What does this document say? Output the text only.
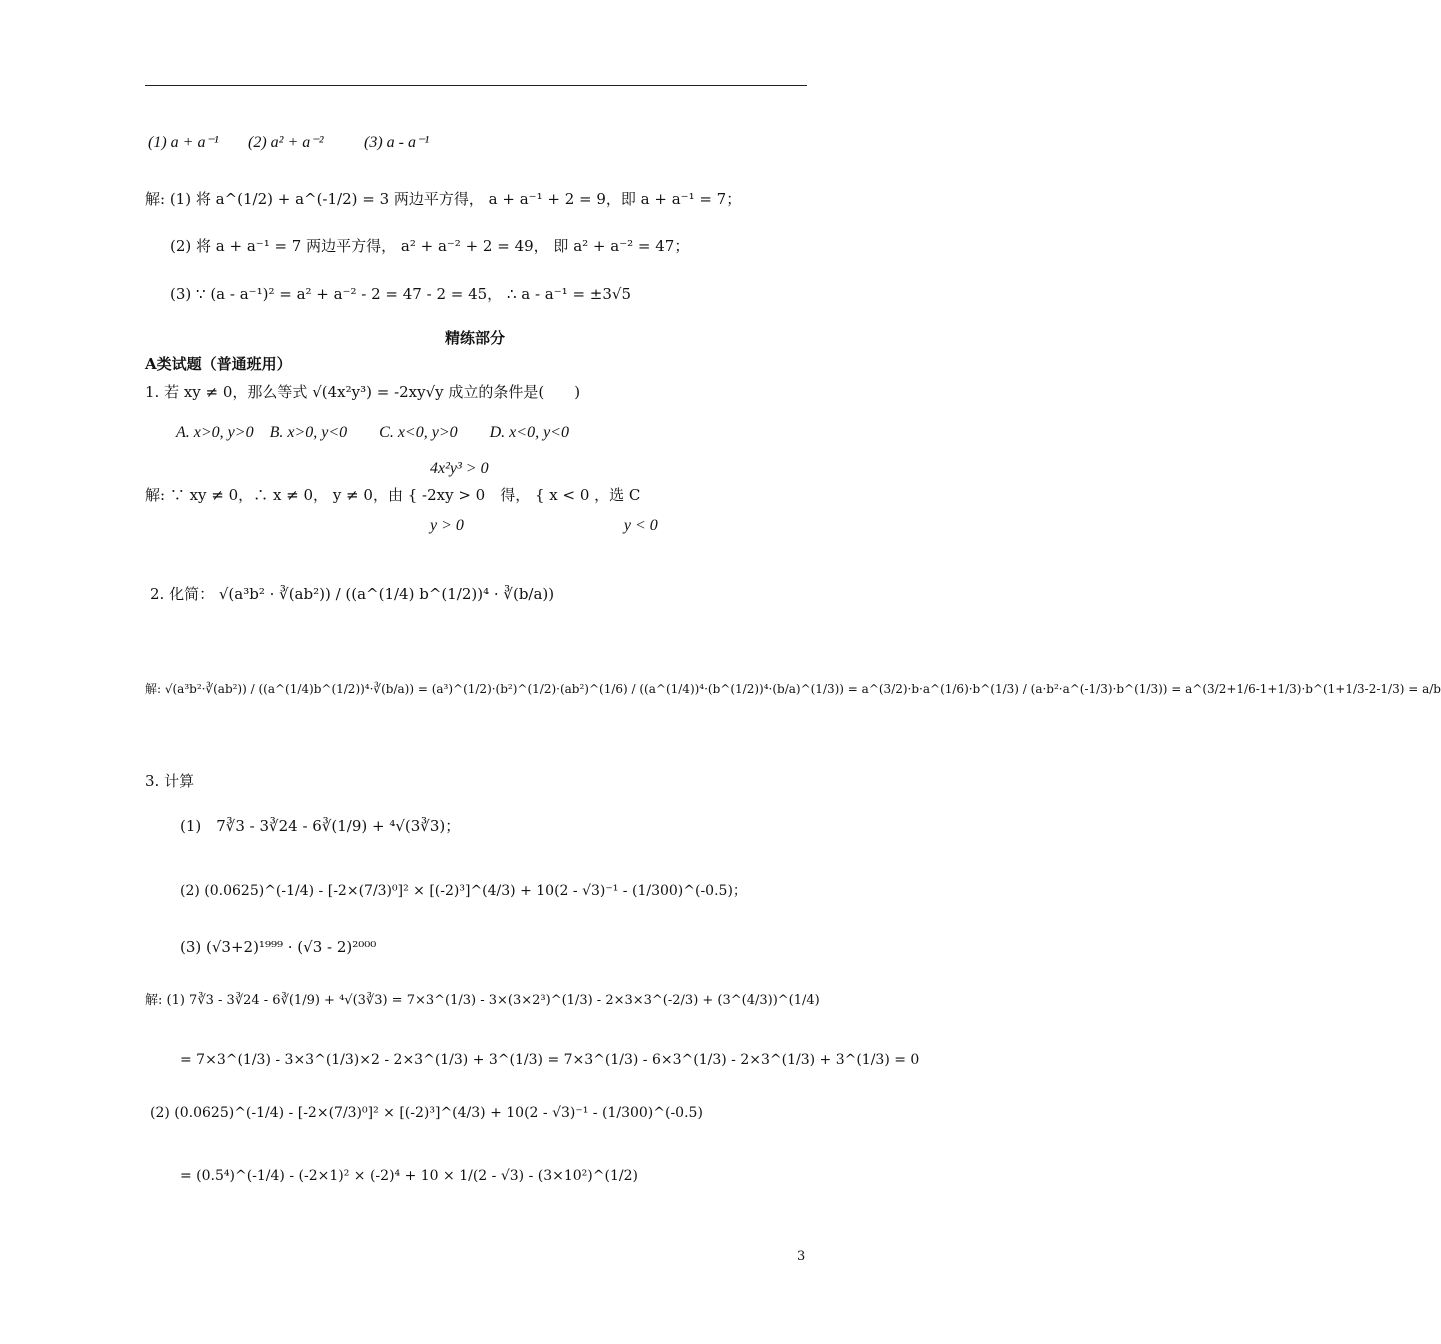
(1) a + a⁻¹ (2) a² + a⁻²	(3) a - a⁻¹
解: (1) 将 a^(1/2) + a^(-1/2) = 3 两边平方得， a + a⁻¹ + 2 = 9，即 a + a⁻¹ = 7；
(2) 将 a + a⁻¹ = 7 两边平方得， a² + a⁻² + 2 = 49， 即 a² + a⁻² = 47；
(3) ∵ (a - a⁻¹)² = a² + a⁻² - 2 = 47 - 2 = 45， ∴ a - a⁻¹ = ±3√5
精练部分
A类试题（普通班用）
1. 若 xy ≠ 0，那么等式 √(4x²y³) = -2xy√y 成立的条件是(　　)
A. x>0, y>0　B. x>0, y<0　　C. x<0, y>0　　D. x<0, y<0
4x²y³ > 0
解: ∵ xy ≠ 0，∴ x ≠ 0， y ≠ 0，由 { -2xy > 0　得， { x < 0 ，选 C
y > 0　　　　　　　　　　y < 0
2. 化简： √(a³b² · ∛(ab²)) / ((a^(1/4) b^(1/2))⁴ · ∛(b/a))
解: √(a³b²·∛(ab²)) / ((a^(1/4)b^(1/2))⁴·∛(b/a)) = (a³)^(1/2)·(b²)^(1/2)·(ab²)^(1/6) / ((a^(1/4))⁴·(b^(1/2))⁴·(b/a)^(1/3)) = a^(3/2)·b·a^(1/6)·b^(1/3) / (a·b²·a^(-1/3)·b^(1/3)) = a^(3/2+1/6-1+1/3)·b^(1+1/3-2-1/3) = a/b
3. 计算
(1)　7∛3 - 3∛24 - 6∛(1/9) + ⁴√(3∛3)；
(2) (0.0625)^(-1/4) - [-2×(7/3)⁰]² × [(-2)³]^(4/3) + 10(2 - √3)⁻¹ - (1/300)^(-0.5)；
(3) (√3+2)¹⁹⁹⁹ · (√3 - 2)²⁰⁰⁰
解: (1) 7∛3 - 3∛24 - 6∛(1/9) + ⁴√(3∛3) = 7×3^(1/3) - 3×(3×2³)^(1/3) - 2×3×3^(-2/3) + (3^(4/3))^(1/4)
= 7×3^(1/3) - 3×3^(1/3)×2 - 2×3^(1/3) + 3^(1/3) = 7×3^(1/3) - 6×3^(1/3) - 2×3^(1/3) + 3^(1/3) = 0
(2) (0.0625)^(-1/4) - [-2×(7/3)⁰]² × [(-2)³]^(4/3) + 10(2 - √3)⁻¹ - (1/300)^(-0.5)
= (0.5⁴)^(-1/4) - (-2×1)² × (-2)⁴ + 10 × 1/(2 - √3) - (3×10²)^(1/2)
3
